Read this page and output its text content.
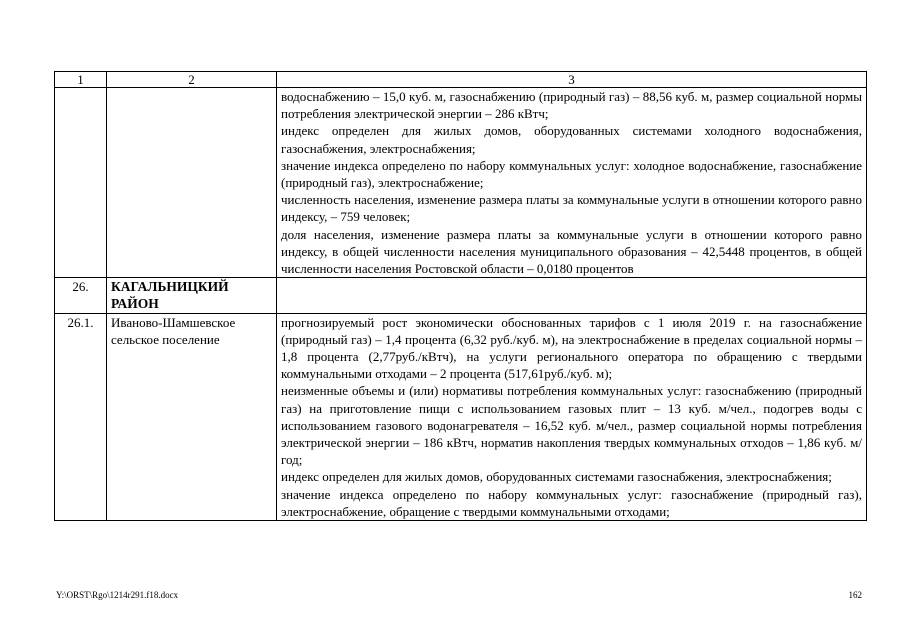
1	2	3

		водоснабжению – 15,0 куб. м, газоснабжению (природный газ) – 88,56 куб. м, размер социальной нормы потребления электрической энергии – 286 кВтч;
индекс определен для жилых домов, оборудованных системами холодного водоснабжения, газоснабжения, электроснабжения;
значение индекса определено по набору коммунальных услуг: холодное водоснабжение, газоснабжение (природный газ), электроснабжение;
численность населения, изменение размера платы за коммунальные услуги в отношении которого равно индексу, – 759 человек;
доля населения, изменение размера платы за коммунальные услуги в отношении которого равно индексу, в общей численности населения муниципального образования – 42,5448 процентов, в общей численности населения Ростовской области – 0,0180 процентов

26.	КАГАЛЬНИЦКИЙ РАЙОН	
26.1.	Иваново-Шамшевское сельское поселение	прогнозируемый рост экономически обоснованных тарифов с 1 июля 2019 г. на газоснабжение (природный газ) – 1,4 процента (6,32 руб./куб. м), на электроснабжение в пределах социальной нормы – 1,8 процента (2,77руб./кВтч), на услуги регионального оператора по обращению с твердыми коммунальными отходами – 2 процента (517,61руб./куб. м);
неизменные объемы и (или) нормативы потребления коммунальных услуг: газоснабжению (природный газ) на приготовление пищи с использованием газовых плит – 13 куб. м/чел., подогрев воды с использованием газового водонагревателя – 16,52 куб. м/чел., размер социальной нормы потребления электрической энергии – 186 кВтч, норматив накопления твердых коммунальных отходов – 1,86 куб. м/год;
индекс определен для жилых домов, оборудованных системами газоснабжения, электроснабжения;
значение индекса определено по набору коммунальных услуг: газоснабжение (природный газ), электроснабжение, обращение с твердыми коммунальными отходами;
Y:\ORST\Rgo\1214r291.f18.docx	162
